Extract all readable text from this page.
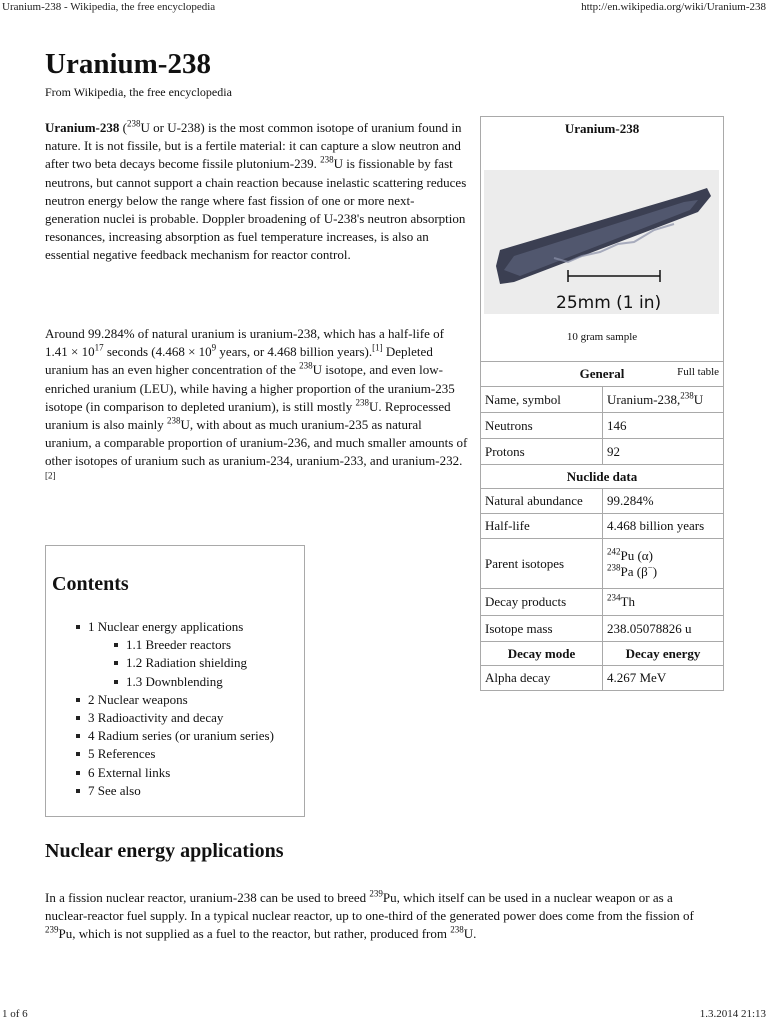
Uranium-238 - Wikipedia, the free encyclopedia	http://en.wikipedia.org/wiki/Uranium-238
Uranium-238
From Wikipedia, the free encyclopedia

Uranium-238 ($^{238}$U or U-238) is the most common isotope of uranium found in nature. It is not fissile, but is a fertile material: it can capture a slow neutron and after two beta decays become fissile plutonium-239. $^{238}$U is fissionable by fast neutrons, but cannot support a chain reaction because inelastic scattering reduces neutron energy below the range where fast fission of one or more next-generation nuclei is probable. Doppler broadening of U-238's neutron absorption resonances, increasing absorption as fuel temperature increases, is also an essential negative feedback mechanism for reactor control.

Around 99.284% of natural uranium is uranium-238, which has a half-life of $1.41 \times 10^{17}$ seconds ($4.468 \times 10^9$ years, or 4.468 billion years).[1] Depleted uranium has an even higher concentration of the $^{238}$U isotope, and even low-enriched uranium (LEU), while having a higher proportion of the uranium-235 isotope (in comparison to depleted uranium), is still mostly $^{238}$U. Reprocessed uranium is also mainly $^{238}$U, with about as much uranium-235 as natural uranium, a comparable proportion of uranium-236, and much smaller amounts of other isotopes of uranium such as uranium-234, uranium-233, and uranium-232.[2]

Contents
1 Nuclear energy applications
1.1 Breeder reactors
1.2 Radiation shielding
1.3 Downblending
2 Nuclear weapons
3 Radioactivity and decay
4 Radium series (or uranium series)
5 References
6 External links
7 See also
Nuclear energy applications

In a fission nuclear reactor, uranium-238 can be used to breed $^{239}$Pu, which itself can be used in a nuclear weapon or as a nuclear-reactor fuel supply. In a typical nuclear reactor, up to one-third of the generated power does come from the fission of $^{239}$Pu, which is not supplied as a fuel to the reactor, but rather, produced from $^{238}$U.

Uranium-238	

25mm (1 in)
10 gram sample
Full table	

General	
Name, symbol	Uranium-238,$^{238}$U
Neutrons	146
Protons	92
Nuclide data	
Natural abundance	99.284%
Half-life	4.468 billion years
Parent isotopes	$^{242}$Pu (α)
$^{238}$Pa (β−)

Decay products	$^{234}$Th
Isotope mass	238.05078826 u
Decay mode	Decay energy
Alpha decay	4.267 MeV
1 of 6	1.3.2014 21:13
